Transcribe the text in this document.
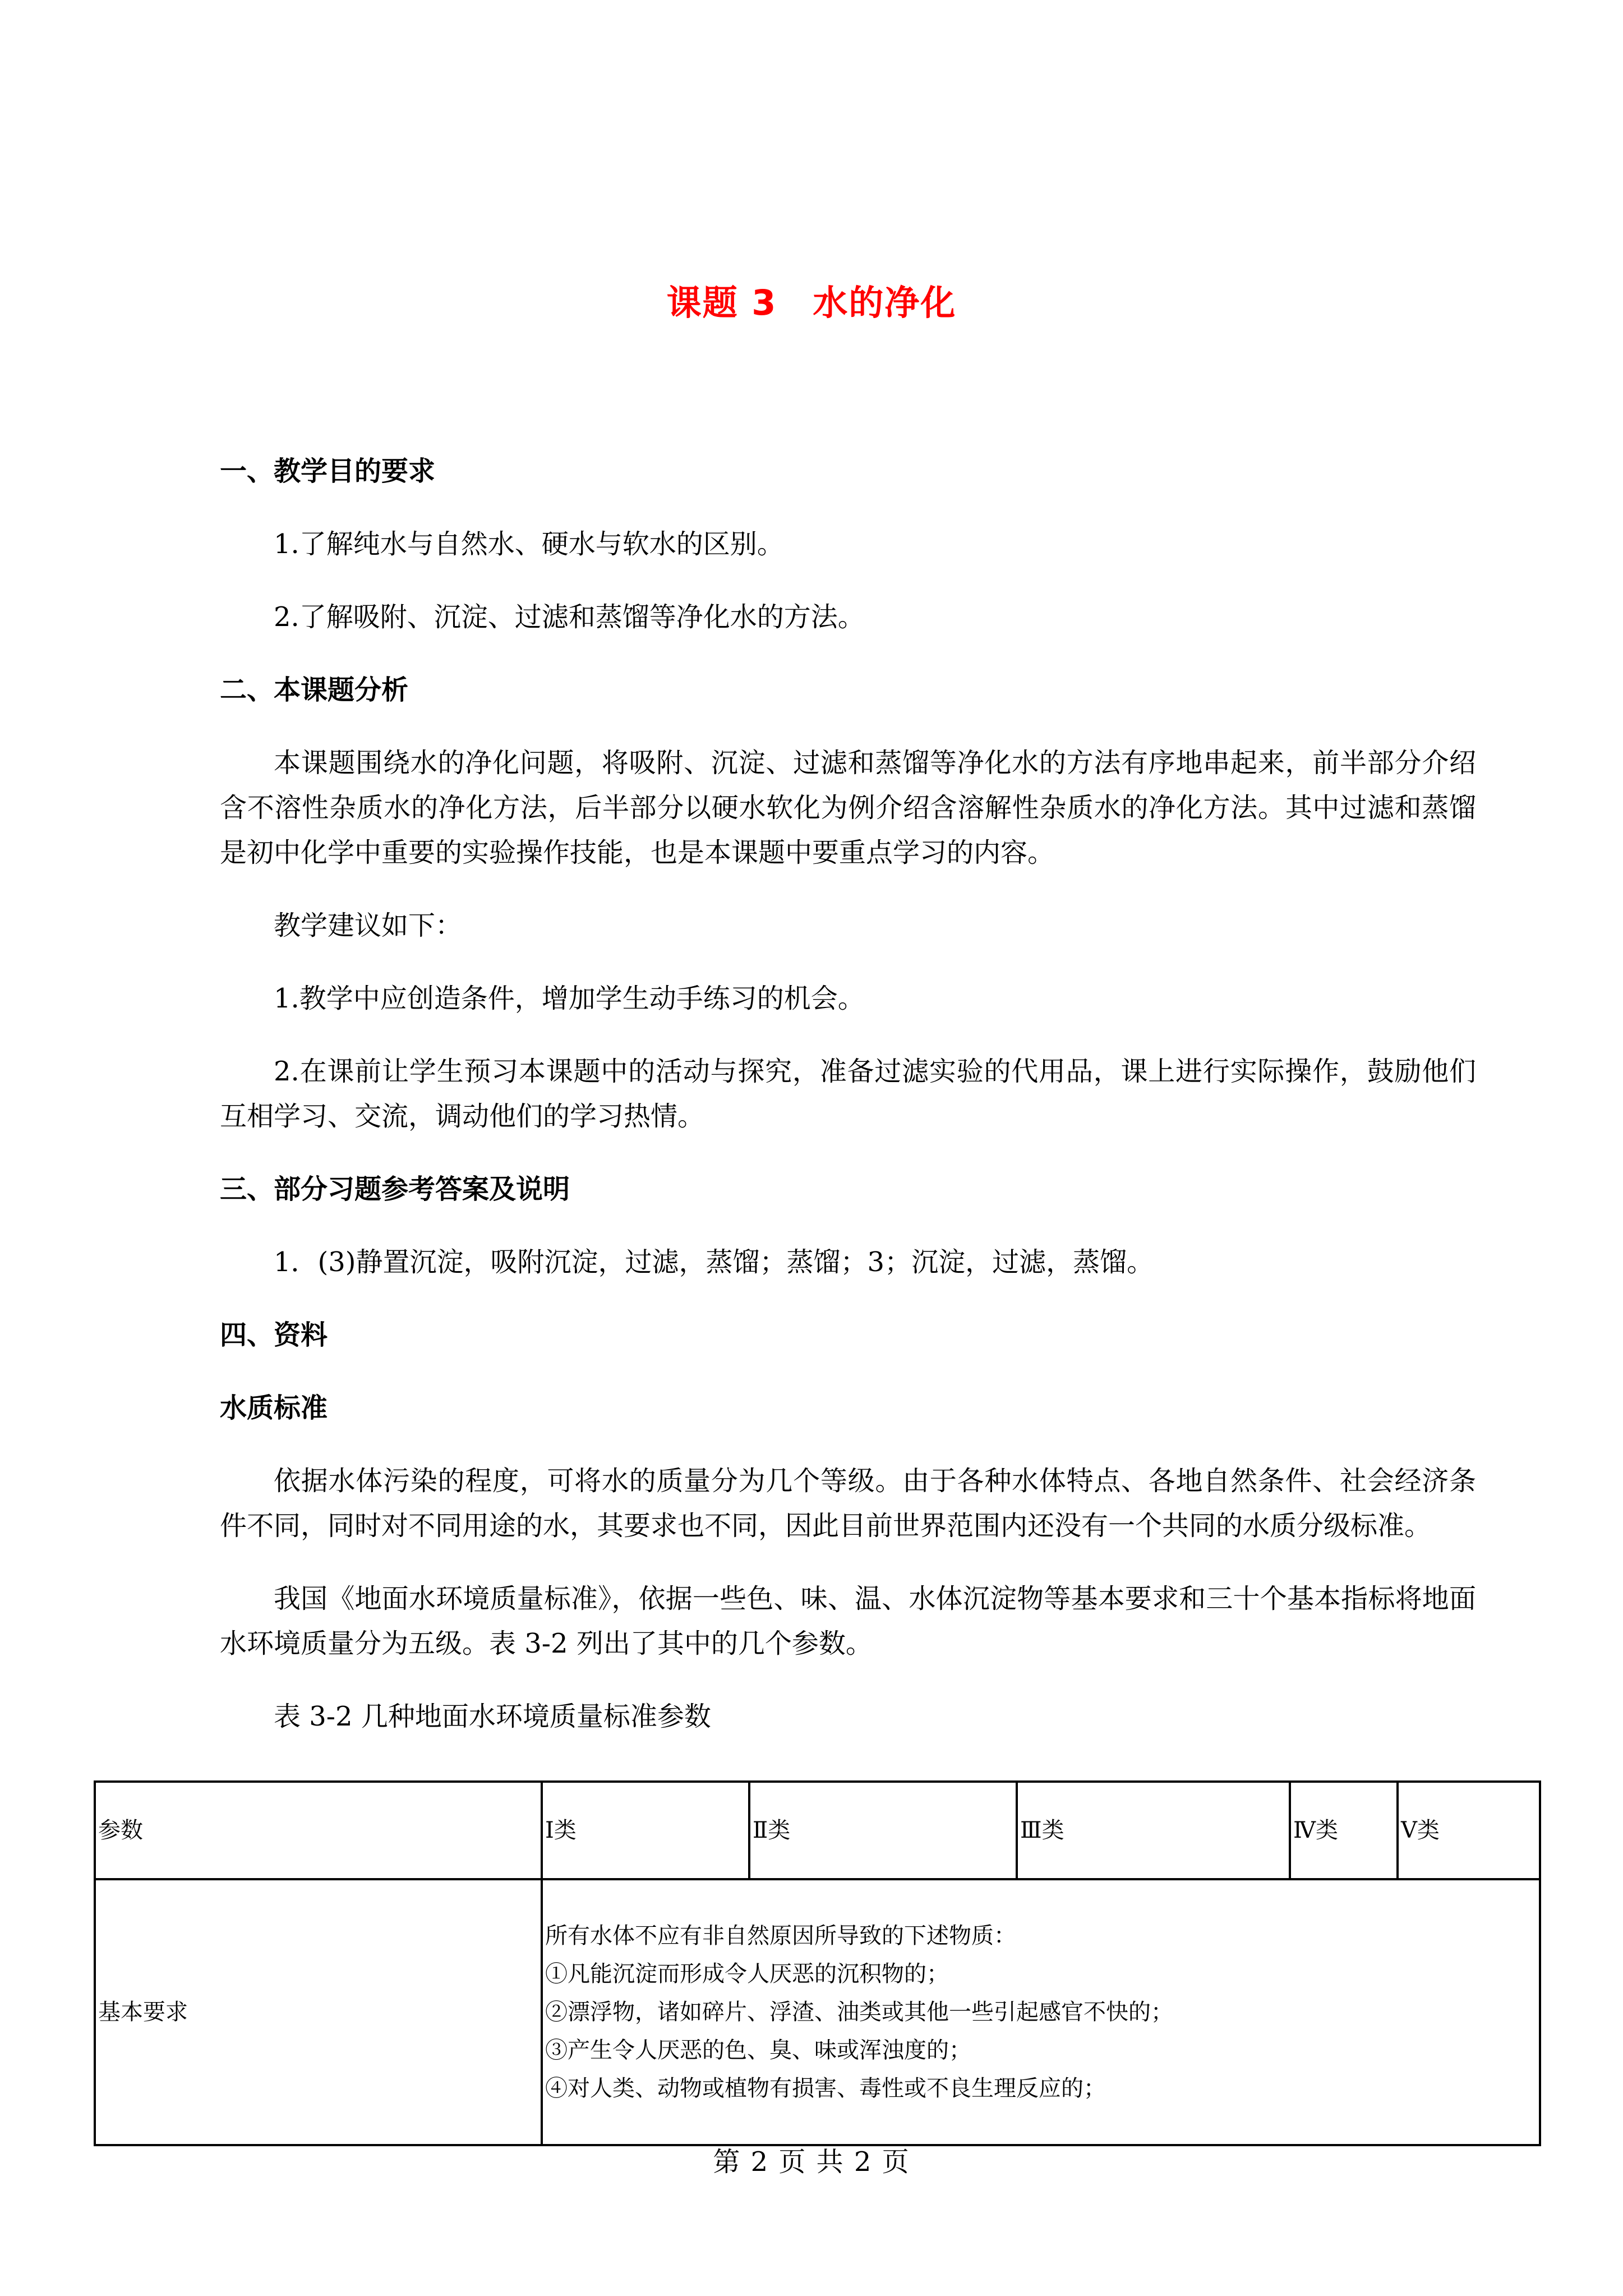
课题 3　水的净化
一、教学目的要求
1.了解纯水与自然水、硬水与软水的区别。
2.了解吸附、沉淀、过滤和蒸馏等净化水的方法。
二、本课题分析
本课题围绕水的净化问题，将吸附、沉淀、过滤和蒸馏等净化水的方法有序地串起来，前半部分介绍含不溶性杂质水的净化方法，后半部分以硬水软化为例介绍含溶解性杂质水的净化方法。其中过滤和蒸馏是初中化学中重要的实验操作技能，也是本课题中要重点学习的内容。
教学建议如下：
1.教学中应创造条件，增加学生动手练习的机会。
2.在课前让学生预习本课题中的活动与探究，准备过滤实验的代用品，课上进行实际操作，鼓励他们互相学习、交流，调动他们的学习热情。
三、部分习题参考答案及说明
1．(3)静置沉淀，吸附沉淀，过滤，蒸馏；蒸馏；3；沉淀，过滤，蒸馏。
四、资料
水质标准
依据水体污染的程度，可将水的质量分为几个等级。由于各种水体特点、各地自然条件、社会经济条件不同，同时对不同用途的水，其要求也不同，因此目前世界范围内还没有一个共同的水质分级标准。
我国《地面水环境质量标准》，依据一些色、味、温、水体沉淀物等基本要求和三十个基本指标将地面水环境质量分为五级。表 3-2 列出了其中的几个参数。
表 3-2 几种地面水环境质量标准参数
参数	Ⅰ类	Ⅱ类	Ⅲ类	Ⅳ类	Ⅴ类
基本要求	所有水体不应有非自然原因所导致的下述物质：
①凡能沉淀而形成令人厌恶的沉积物的；
②漂浮物，诸如碎片、浮渣、油类或其他一些引起感官不快的；
③产生令人厌恶的色、臭、味或浑浊度的；
④对人类、动物或植物有损害、毒性或不良生理反应的；				
第 2 页 共 2 页
